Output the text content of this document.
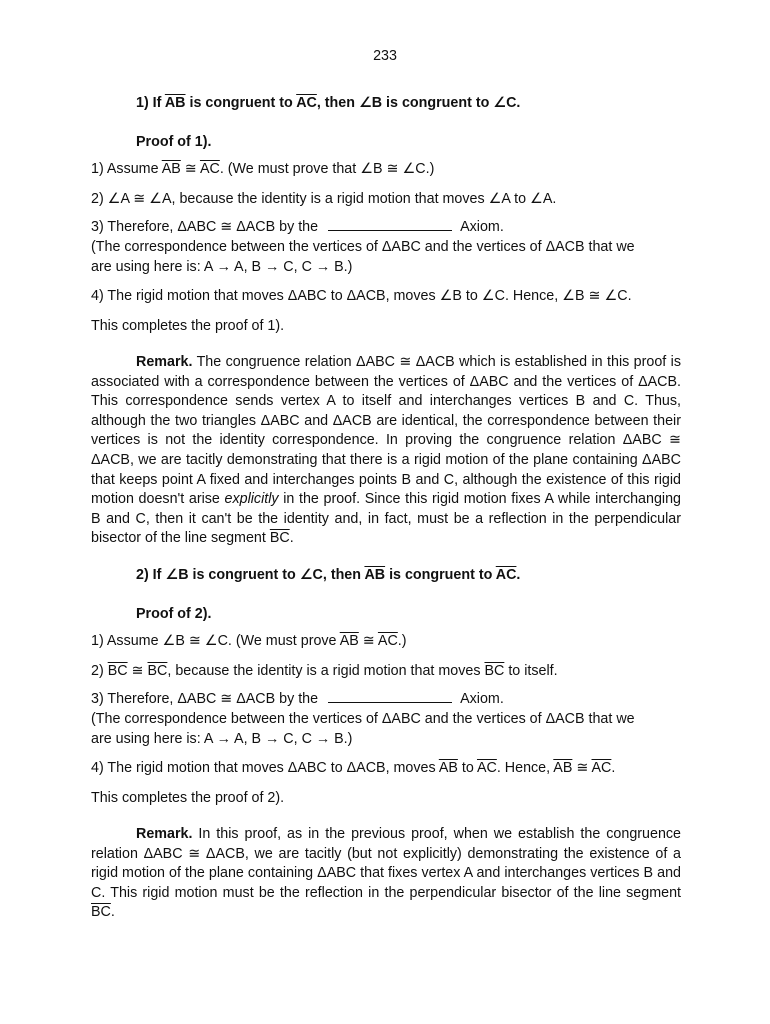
233
1) If $\overline{AB}$ is congruent to $\overline{AC}$, then ∠B is congruent to ∠C.
Proof of 1).
1) Assume $\overline{AB}$ ≅ $\overline{AC}$. (We must prove that ∠B ≅ ∠C.)
2) ∠A ≅ ∠A, because the identity is a rigid motion that moves ∠A to ∠A.
3) Therefore, ΔABC ≅ ΔACB by the	Axiom.
(The correspondence between the vertices of ΔABC and the vertices of ΔACB that we
are using here is: A → A, B → C, C → B.)
4) The rigid motion that moves ΔABC to ΔACB, moves ∠B to ∠C. Hence, ∠B ≅ ∠C.
This completes the proof of 1).
Remark. The congruence relation ΔABC ≅ ΔACB which is established in this proof is associated with a correspondence between the vertices of ΔABC and the vertices of ΔACB. This correspondence sends vertex A to itself and interchanges vertices B and C. Thus, although the two triangles ΔABC and ΔACB are identical, the correspondence between their vertices is not the identity correspondence. In proving the congruence relation ΔABC ≅ ΔACB, we are tacitly demonstrating that there is a rigid motion of the plane containing ΔABC that keeps point A fixed and interchanges points B and C, although the existence of this rigid motion doesn't arise explicitly in the proof. Since this rigid motion fixes A while interchanging B and C, then it can't be the identity and, in fact, must be a reflection in the perpendicular bisector of the line segment $\overline{BC}$.
2) If ∠B is congruent to ∠C, then $\overline{AB}$ is congruent to $\overline{AC}$.
Proof of 2).
1) Assume ∠B ≅ ∠C. (We must prove $\overline{AB}$ ≅ $\overline{AC}$.)
2) $\overline{BC}$ ≅ $\overline{BC}$, because the identity is a rigid motion that moves $\overline{BC}$ to itself.
3) Therefore, ΔABC ≅ ΔACB by the	Axiom.
(The correspondence between the vertices of ΔABC and the vertices of ΔACB that we
are using here is: A → A, B → C, C → B.)
4) The rigid motion that moves ΔABC to ΔACB, moves $\overline{AB}$ to $\overline{AC}$. Hence, $\overline{AB}$ ≅ $\overline{AC}$.
This completes the proof of 2).
Remark. In this proof, as in the previous proof, when we establish the congruence relation ΔABC ≅ ΔACB, we are tacitly (but not explicitly) demonstrating the existence of a rigid motion of the plane containing ΔABC that fixes vertex A and interchanges vertices B and C. This rigid motion must be the reflection in the perpendicular bisector of the line segment $\overline{BC}$.
